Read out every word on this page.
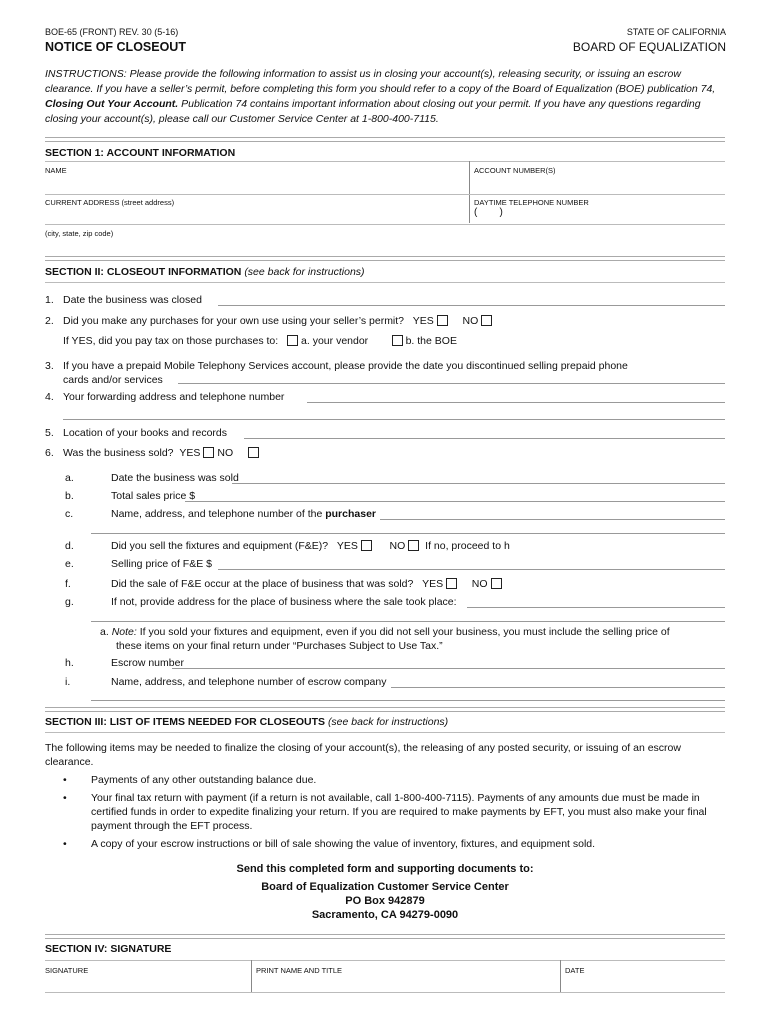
BOE-65 (FRONT) REV. 30 (5-16)	STATE OF CALIFORNIA
NOTICE OF CLOSEOUT	BOARD OF EQUALIZATION
INSTRUCTIONS: Please provide the following information to assist us in closing your account(s), releasing security, or issuing an escrow clearance. If you have a seller’s permit, before completing this form you should refer to a copy of the Board of Equalization (BOE) publication 74, Closing Out Your Account. Publication 74 contains important information about closing out your permit. If you have any questions regarding closing your account(s), please call our Customer Service Center at 1-800-400-7115.
SECTION 1: ACCOUNT INFORMATION
NAME	ACCOUNT NUMBER(S)
CURRENT ADDRESS (street address)	DAYTIME TELEPHONE NUMBER
(        )
(city, state, zip code)
SECTION II: CLOSEOUT INFORMATION (see back for instructions)
1. Date the business was closed
2. Did you make any purchases for your own use using your seller’s permit? YES	NO
If YES, did you pay tax on those purchases to: a. your vendor	b. the BOE
3. If you have a prepaid Mobile Telephony Services account, please provide the date you discontinued selling prepaid phone
cards and/or services
4. Your forwarding address and telephone number
5. Location of your books and records
6. Was the business sold? YES NO
a.	Date the business was sold
b.	Total sales price $
c.	Name, address, and telephone number of the purchaser
d.	Did you sell the fixtures and equipment (F&E)? YES	NO If no, proceed to h
e.	Selling price of F&E $
f.	Did the sale of F&E occur at the place of business that was sold? YES	NO
g.	If not, provide address for the place of business where the sale took place:
a. Note: If you sold your fixtures and equipment, even if you did not sell your business, you must include the selling price of
these items on your final return under “Purchases Subject to Use Tax.”
h.	Escrow number
i.	Name, address, and telephone number of escrow company
SECTION III: LIST OF ITEMS NEEDED FOR CLOSEOUTS (see back for instructions)
The following items may be needed to finalize the closing of your account(s), the releasing of any posted security, or issuing of an escrow clearance.
• Payments of any other outstanding balance due.
• Your final tax return with payment (if a return is not available, call 1-800-400-7115). Payments of any amounts due must be made in certified funds in order to expedite finalizing your return. If you are required to make payments by EFT, you must also make your final payment through the EFT process.
• A copy of your escrow instructions or bill of sale showing the value of inventory, fixtures, and equipment sold.
Send this completed form and supporting documents to:
Board of Equalization Customer Service Center
PO Box 942879
Sacramento, CA 94279-0090
SECTION IV: SIGNATURE
SIGNATURE	PRINT NAME AND TITLE	DATE
